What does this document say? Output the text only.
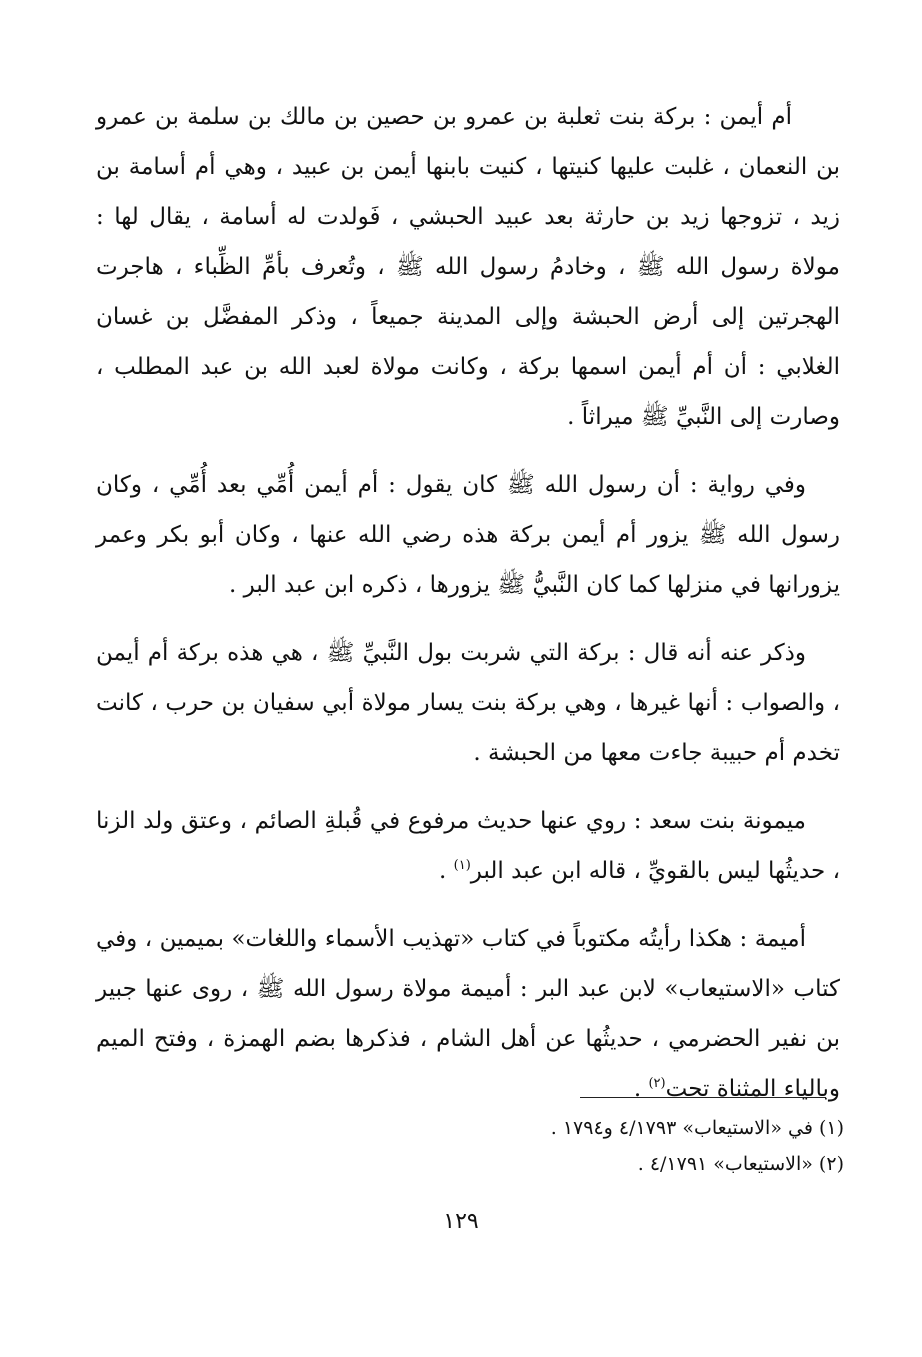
أم أيمن : بركة بنت ثعلبة بن عمرو بن حصين بن مالك بن سلمة بن عمرو بن النعمان ، غلبت عليها كنيتها ، كنيت بابنها أيمن بن عبيد ، وهي أم أسامة بن زيد ، تزوجها زيد بن حارثة بعد عبيد الحبشي ، فَولدت له أسامة ، يقال لها : مولاة رسول الله ﷺ ، وخادمُ رسول الله ﷺ ، وتُعرف بأمِّ الظِّباء ، هاجرت الهجرتين إلى أرض الحبشة وإلى المدينة جميعاً ، وذكر المفضَّل بن غسان الغلابي : أن أم أيمن اسمها بركة ، وكانت مولاة لعبد الله بن عبد المطلب ، وصارت إلى النَّبيِّ ﷺ ميراثاً .

وفي رواية : أن رسول الله ﷺ كان يقول : أم أيمن أُمِّي بعد أُمِّي ، وكان رسول الله ﷺ يزور أم أيمن بركة هذه رضي الله عنها ، وكان أبو بكر وعمر يزورانها في منزلها كما كان النَّبيُّ ﷺ يزورها ، ذكره ابن عبد البر .

وذكر عنه أنه قال : بركة التي شربت بول النَّبيِّ ﷺ ، هي هذه بركة أم أيمن ، والصواب : أنها غيرها ، وهي بركة بنت يسار مولاة أبي سفيان بن حرب ، كانت تخدم أم حبيبة جاءت معها من الحبشة .

ميمونة بنت سعد : روي عنها حديث مرفوع في قُبلةِ الصائم ، وعتق ولد الزنا ، حديثُها ليس بالقويِّ ، قاله ابن عبد البر$^{(١)}$ .

أميمة : هكذا رأيتُه مكتوباً في كتاب «تهذيب الأسماء واللغات» بميمين ، وفي كتاب «الاستيعاب» لابن عبد البر : أميمة مولاة رسول الله ﷺ ، روى عنها جبير بن نفير الحضرمي ، حديثُها عن أهل الشام ، فذكرها بضم الهمزة ، وفتح الميم وبالياء المثناة تحت$^{(٢)}$ .

(١) في «الاستيعاب» ٤/١٧٩٣ و١٧٩٤ .

(٢) «الاستيعاب» ٤/١٧٩١ .

١٢٩
